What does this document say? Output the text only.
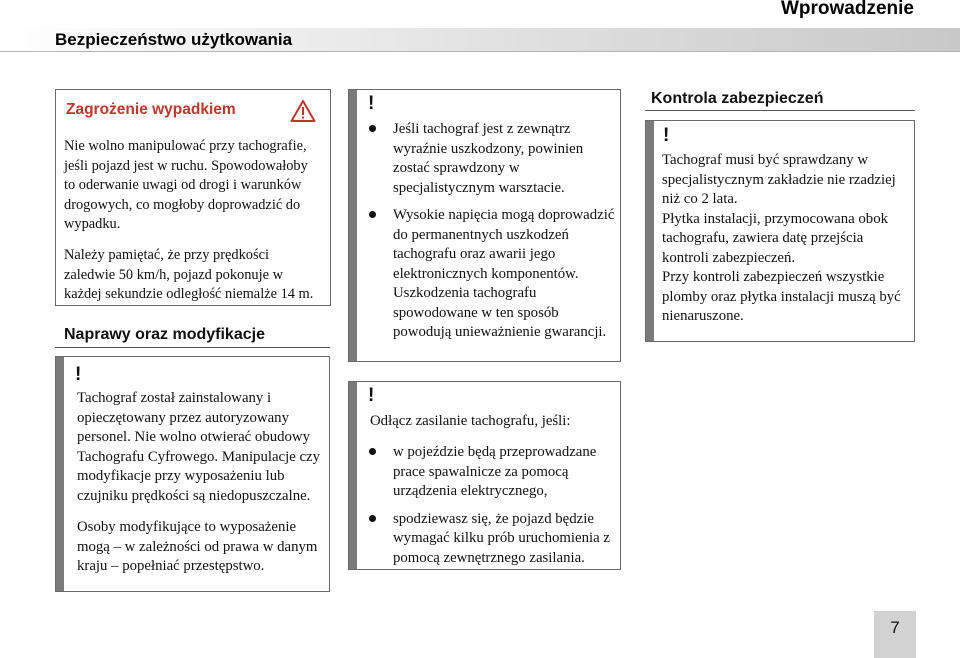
Wprowadzenie
Bezpieczeństwo użytkowania
Zagrożenie wypadkiem

Nie wolno manipulować przy tachografie, jeśli pojazd jest w ruchu. Spowodowałoby to oderwanie uwagi od drogi i warunków drogowych, co mogłoby doprowadzić do wypadku.

Należy pamiętać, że przy prędkości zaledwie 50 km/h, pojazd pokonuje w każdej sekundzie odległość niemalże 14 m.

Naprawy oraz modyfikacje
!

Tachograf został zainstalowany i opieczętowany przez autoryzowany personel. Nie wolno otwierać obudowy Tachografu Cyfrowego. Manipulacje czy modyfikacje przy wyposażeniu lub czujniku prędkości są niedopuszczalne.

Osoby modyfikujące to wyposażenie mogą – w zależności od prawa w danym kraju – popełniać przestępstwo.

!
Jeśli tachograf jest z zewnątrz wyraźnie uszkodzony, powinien zostać sprawdzony w specjalistycznym warsztacie.
Wysokie napięcia mogą doprowadzić do permanentnych uszkodzeń tachografu oraz awarii jego elektronicznych komponentów. Uszkodzenia tachografu spowodowane w ten sposób powodują unieważnienie gwarancji.
!

Odłącz zasilanie tachografu, jeśli:

w pojeździe będą przeprowadzane prace spawalnicze za pomocą urządzenia elektrycznego,
spodziewasz się, że pojazd będzie wymagać kilku prób uruchomienia z pomocą zewnętrznego zasilania.
Kontrola zabezpieczeń
!

Tachograf musi być sprawdzany w specjalistycznym zakładzie nie rzadziej niż co 2 lata.

Płytka instalacji, przymocowana obok tachografu, zawiera datę przejścia kontroli zabezpieczeń.

Przy kontroli zabezpieczeń wszystkie plomby oraz płytka instalacji muszą być nienaruszone.

7
